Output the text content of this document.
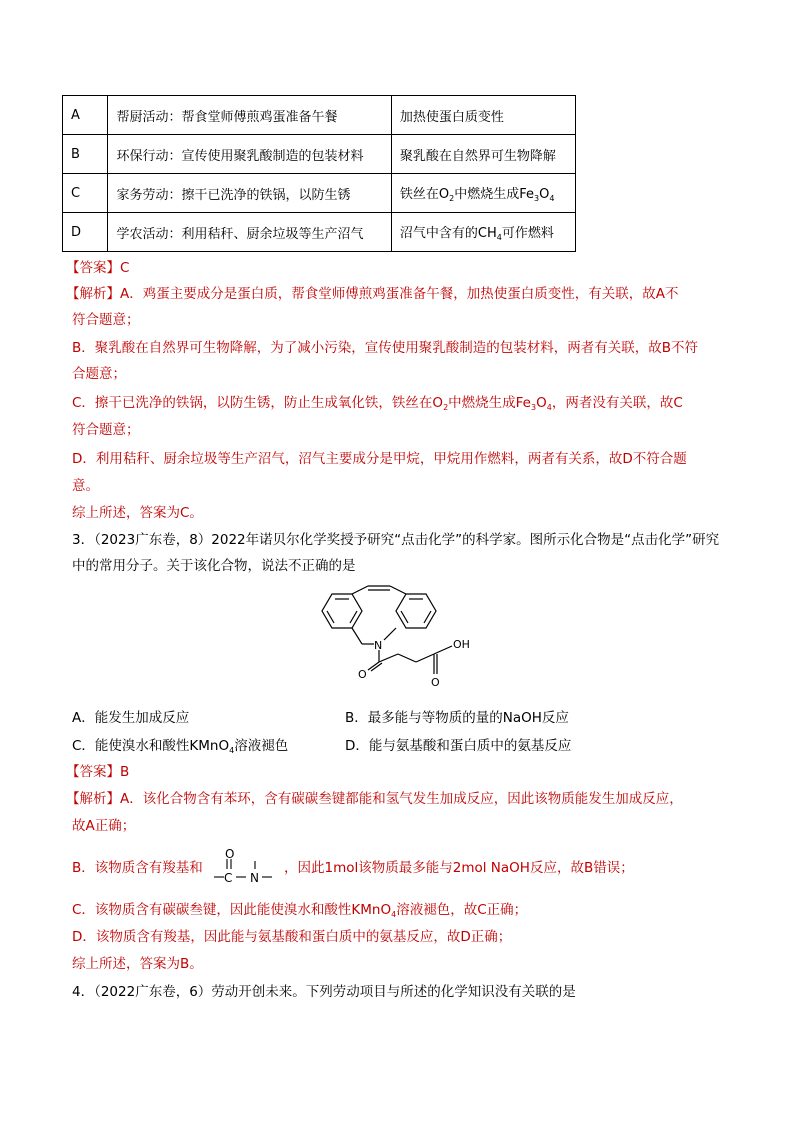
A	帮厨活动：帮食堂师傅煎鸡蛋准备午餐	加热使蛋白质变性
B	环保行动：宣传使用聚乳酸制造的包装材料	聚乳酸在自然界可生物降解
C	家务劳动：擦干已洗净的铁锅，以防生锈	铁丝在$O_2$中燃烧生成$Fe_3O_4$
D	学农活动：利用秸秆、厨余垃圾等生产沼气	沼气中含有的$CH_4$可作燃料
【答案】C
【解析】A．鸡蛋主要成分是蛋白质，帮食堂师傅煎鸡蛋准备午餐，加热使蛋白质变性，有关联，故A不
符合题意；
B．聚乳酸在自然界可生物降解，为了减小污染，宣传使用聚乳酸制造的包装材料，两者有关联，故B不符
合题意；
C．擦干已洗净的铁锅，以防生锈，防止生成氧化铁，铁丝在$O_2$中燃烧生成$Fe_3O_4$，两者没有关联，故C
符合题意；
D．利用秸秆、厨余垃圾等生产沼气，沼气主要成分是甲烷，甲烷用作燃料，两者有关系，故D不符合题
意。
综上所述，答案为C。
3．（2023广东卷，8）2022年诺贝尔化学奖授予研究“点击化学”的科学家。图所示化合物是“点击化学”研究
中的常用分子。关于该化合物，说法不正确的是
N
O
O
OH
A．能发生加成反应	B．最多能与等物质的量的NaOH反应
C．能使溴水和酸性KMnO$_4$溶液褪色	D．能与氨基酸和蛋白质中的氨基反应
【答案】B
【解析】A．该化合物含有苯环，含有碳碳叁键都能和氢气发生加成反应，因此该物质能发生加成反应，
故A正确；
B．该物质含有羧基和
C
O
N
，因此1mol该物质最多能与2mol NaOH反应，故B错误；
C．该物质含有碳碳叁键，因此能使溴水和酸性KMnO$_4$溶液褪色，故C正确；
D．该物质含有羧基，因此能与氨基酸和蛋白质中的氨基反应，故D正确；
综上所述，答案为B。
4．（2022广东卷，6）劳动开创未来。下列劳动项目与所述的化学知识没有关联的是
